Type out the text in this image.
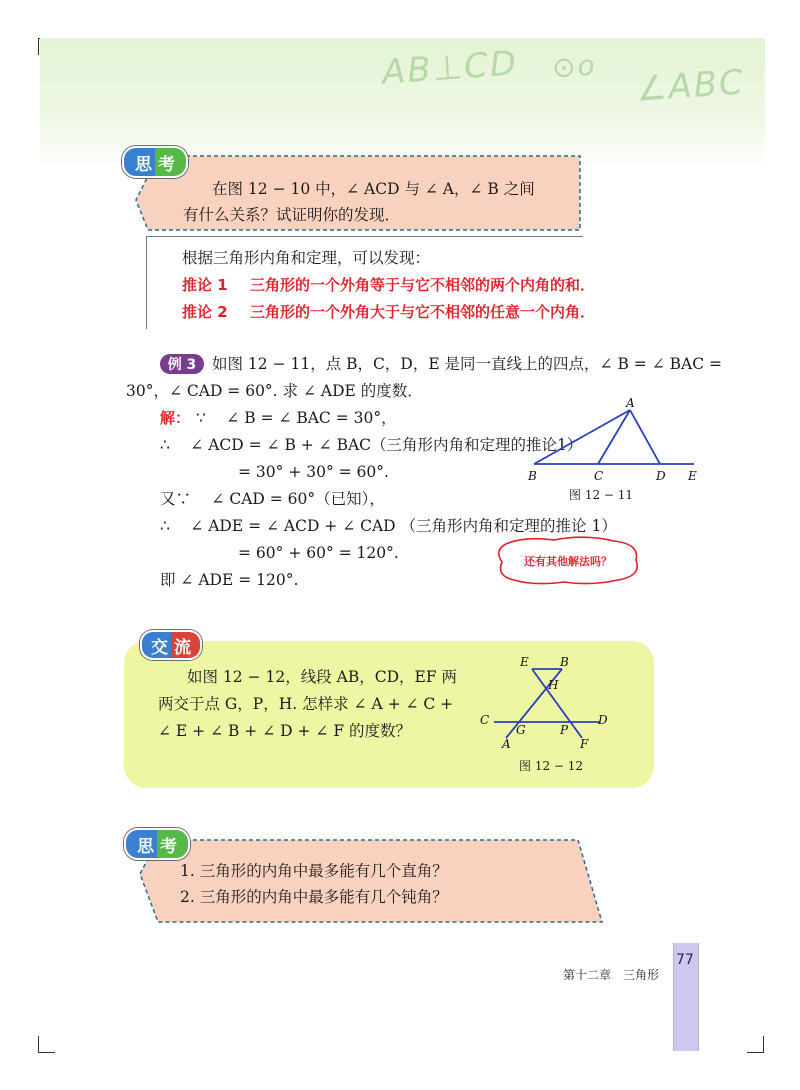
AB⊥CD ⊙o ∠ABC
思 考
在图 12 − 10 中，∠ ACD 与 ∠ A，∠ B 之间
有什么关系？试证明你的发现．
根据三角形内角和定理，可以发现：
推论 1 三角形的一个外角等于与它不相邻的两个内角的和．
推论 2 三角形的一个外角大于与它不相邻的任意一个内角．
例 3	如图 12 − 11，点 B，C，D，E 是同一直线上的四点，∠ B = ∠ BAC =
30°，∠ CAD = 60°. 求 ∠ ADE 的度数．
解： ∵ 　∠ B = ∠ BAC = 30°，
∴ 　∠ ACD = ∠ B + ∠ BAC（三角形内角和定理的推论1）
= 30° + 30° = 60°.
又∵ 　∠ CAD = 60°（已知），
∴ 　∠ ADE = ∠ ACD + ∠ CAD （三角形内角和定理的推论 1）
= 60° + 60° = 120°.
即 ∠ ADE = 120°.
A
B	C	D E
图 12 − 11
还有其他解法吗？
交 流
如图 12 − 12，线段 AB，CD，EF 两
两交于点 G，P，H. 怎样求 ∠ A + ∠ C +
∠ E + ∠ B + ∠ D + ∠ F 的度数？
E	B
H
C
G	P
D
A	F
图 12 − 12
思 考
1. 三角形的内角中最多能有几个直角？
2. 三角形的内角中最多能有几个钝角？
77
第十二章　三角形
